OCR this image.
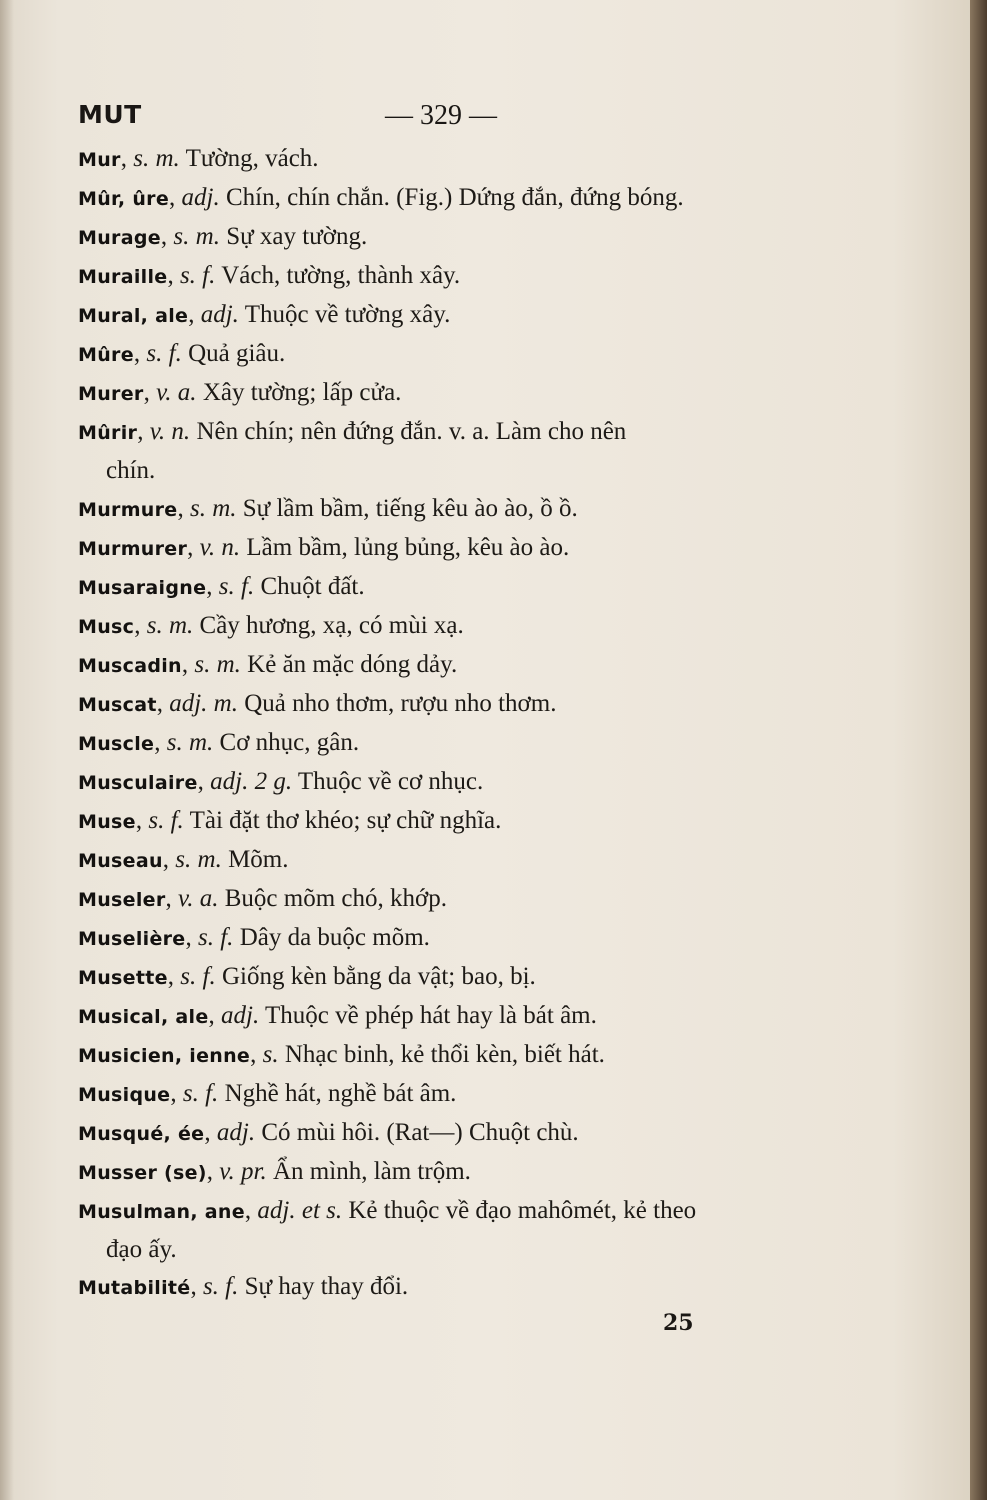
MUT	— 329 —
Mur, s. m. Tường, vách.
Mûr, ûre, adj. Chín, chín chắn. (Fig.) Dứng đắn, đứng bóng.
Murage, s. m. Sự xay tường.
Muraille, s. f. Vách, tường, thành xây.
Mural, ale, adj. Thuộc về tường xây.
Mûre, s. f. Quả giâu.
Murer, v. a. Xây tường; lấp cửa.
Mûrir, v. n. Nên chín; nên đứng đắn. v. a. Làm cho nên
chín.
Murmure, s. m. Sự lầm bầm, tiếng kêu ào ào, ồ ồ.
Murmurer, v. n. Lầm bầm, lủng bủng, kêu ào ào.
Musaraigne, s. f. Chuột đất.
Musc, s. m. Cầy hương, xạ, có mùi xạ.
Muscadin, s. m. Kẻ ăn mặc dóng dảy.
Muscat, adj. m. Quả nho thơm, rượu nho thơm.
Muscle, s. m. Cơ nhục, gân.
Musculaire, adj. 2 g. Thuộc về cơ nhục.
Muse, s. f. Tài đặt thơ khéo; sự chữ nghĩa.
Museau, s. m. Mõm.
Museler, v. a. Buộc mõm chó, khớp.
Muselière, s. f. Dây da buộc mõm.
Musette, s. f. Giống kèn bằng da vật; bao, bị.
Musical, ale, adj. Thuộc về phép hát hay là bát âm.
Musicien, ienne, s. Nhạc binh, kẻ thổi kèn, biết hát.
Musique, s. f. Nghề hát, nghề bát âm.
Musqué, ée, adj. Có mùi hôi. (Rat—) Chuột chù.
Musser (se), v. pr. Ẩn mình, làm trộm.
Musulman, ane, adj. et s. Kẻ thuộc về đạo mahômét, kẻ theo
đạo ấy.
Mutabilité, s. f. Sự hay thay đổi.
25
